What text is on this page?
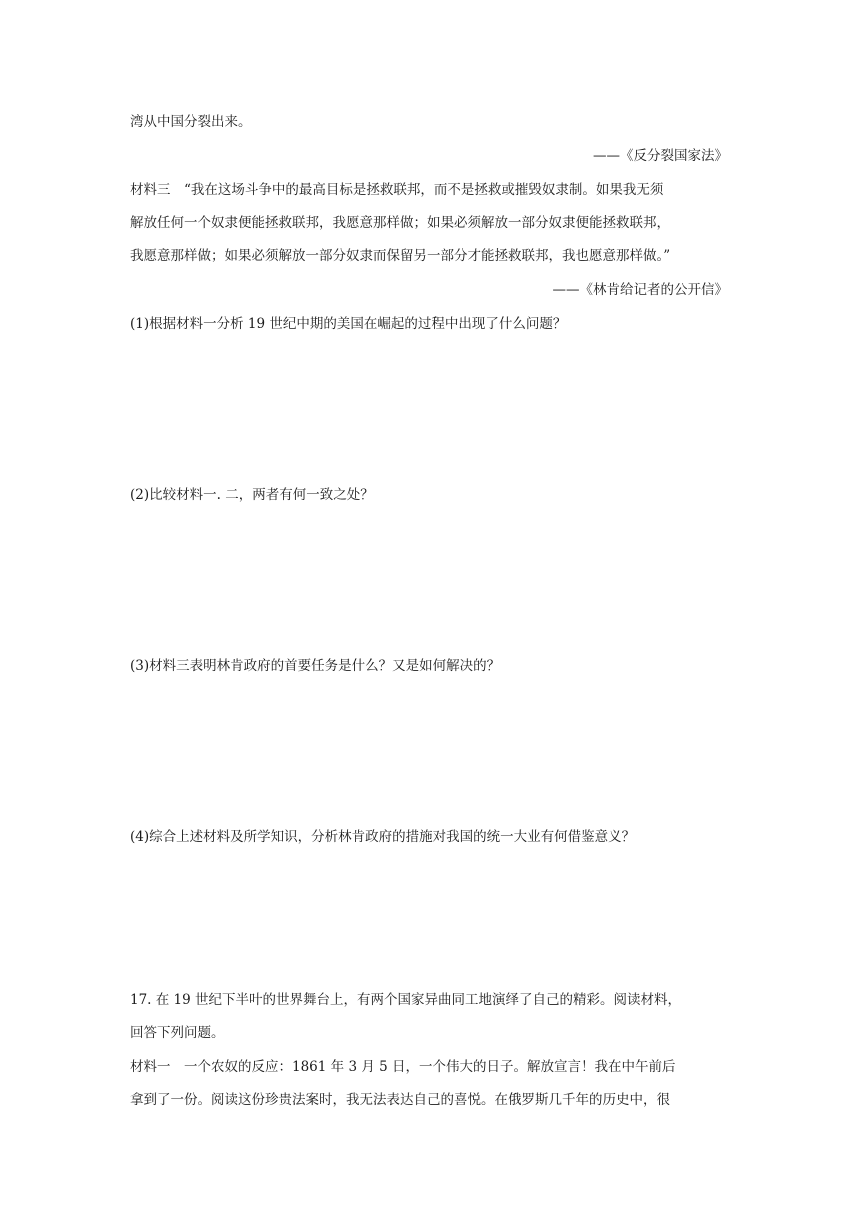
湾从中国分裂出来。
——《反分裂国家法》
材料三　“我在这场斗争中的最高目标是拯救联邦，而不是拯救或摧毁奴隶制。如果我无须
解放任何一个奴隶便能拯救联邦，我愿意那样做；如果必须解放一部分奴隶便能拯救联邦，
我愿意那样做；如果必须解放一部分奴隶而保留另一部分才能拯救联邦，我也愿意那样做。”
——《林肯给记者的公开信》
(1)根据材料一分析 19 世纪中期的美国在崛起的过程中出现了什么问题？
(2)比较材料一. 二，两者有何一致之处？
(3)材料三表明林肯政府的首要任务是什么？又是如何解决的？
(4)综合上述材料及所学知识，分析林肯政府的措施对我国的统一大业有何借鉴意义？
17. 在 19 世纪下半叶的世界舞台上，有两个国家异曲同工地演绎了自己的精彩。阅读材料，
回答下列问题。
材料一　一个农奴的反应：1861 年 3 月 5 日，一个伟大的日子。解放宣言！我在中午前后
拿到了一份。阅读这份珍贵法案时，我无法表达自己的喜悦。在俄罗斯几千年的历史中，很
